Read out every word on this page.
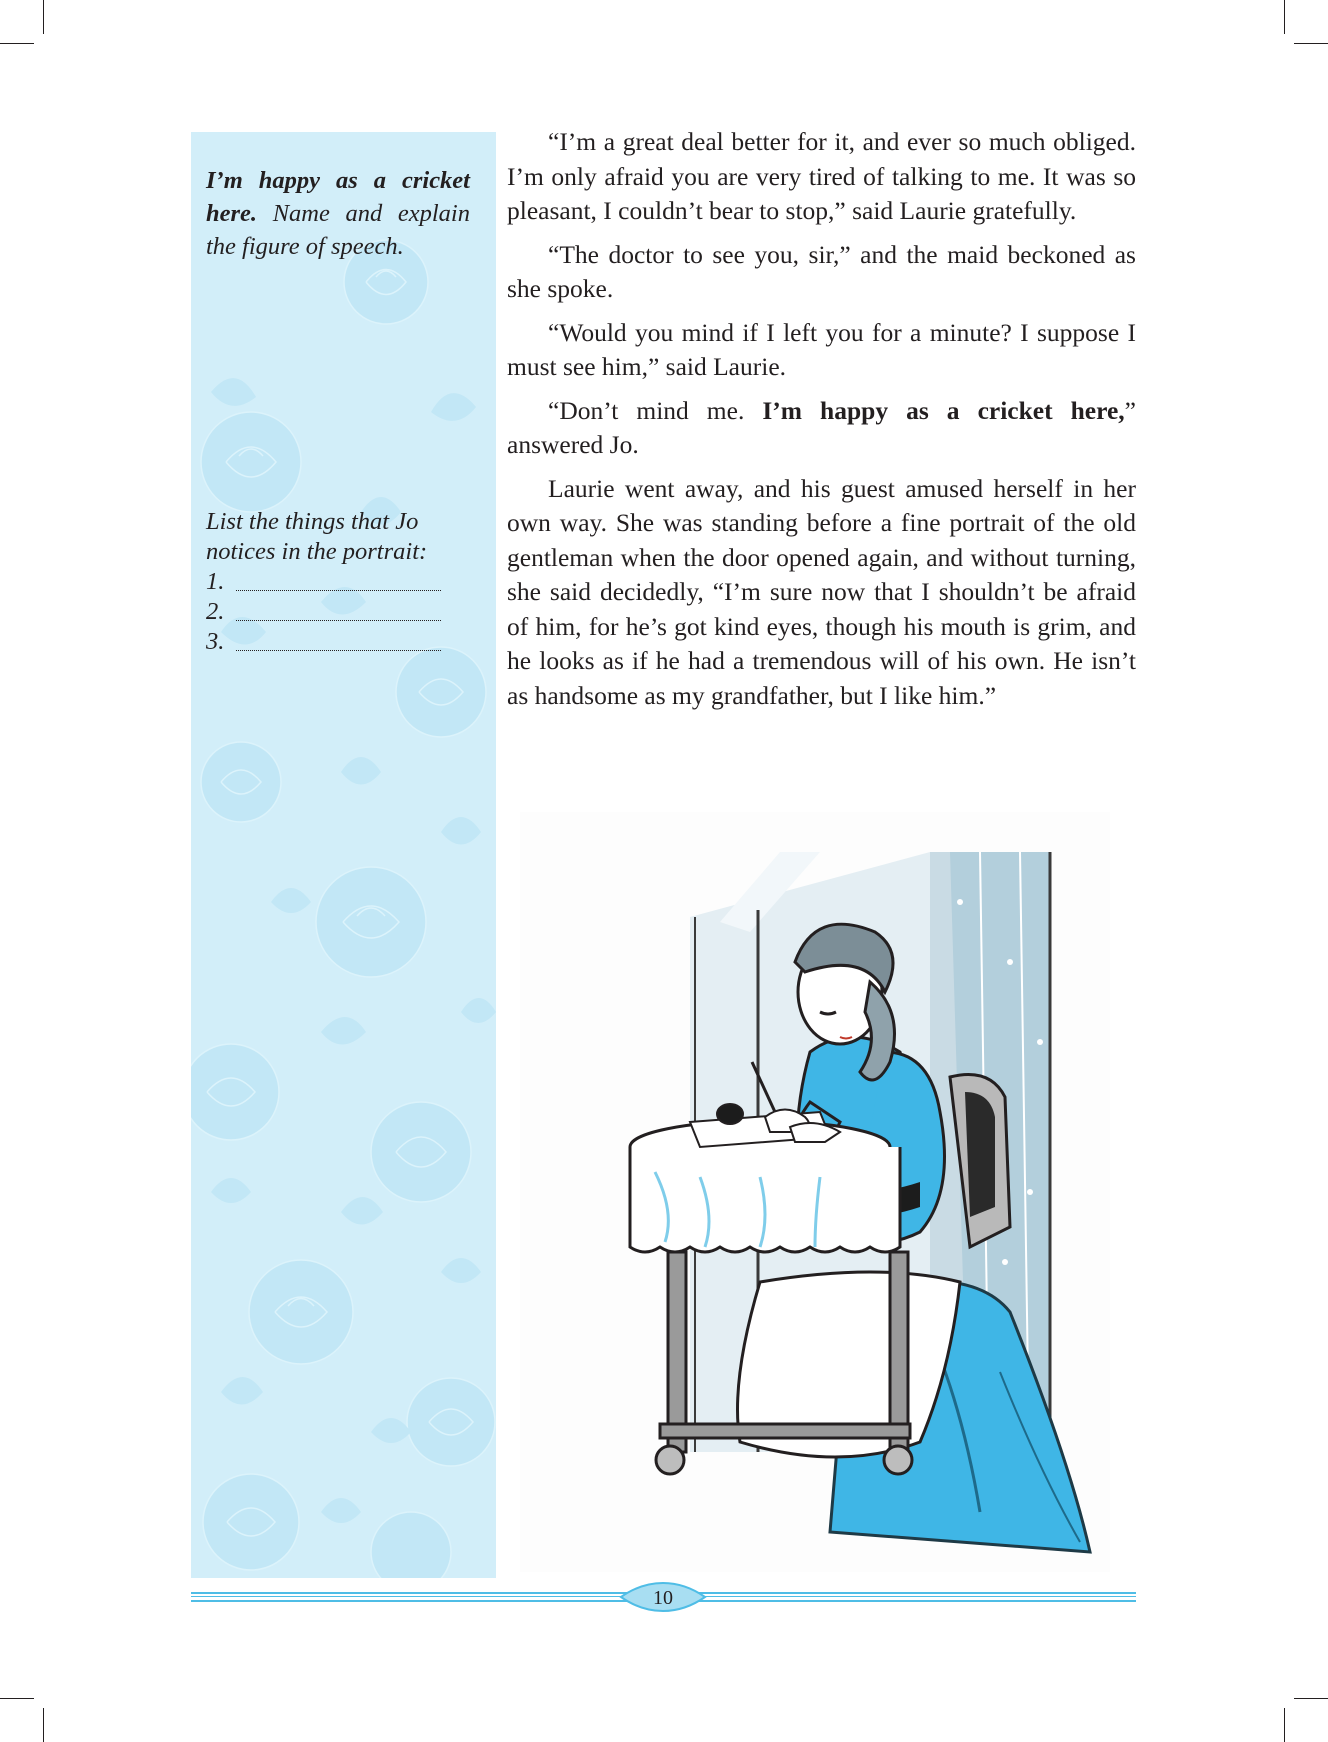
I’m happy as a cricket here. Name and explain the figure of speech.
List the things that Jo notices in the portrait:
1.
2.
3.

“I’m a great deal better for it, and ever so much obliged. I’m only afraid you are very tired of talking to me. It was so pleasant, I couldn’t bear to stop,” said Laurie gratefully.

“The doctor to see you, sir,” and the maid beckoned as she spoke.

“Would you mind if I left you for a minute? I suppose I must see him,” said Laurie.

“Don’t mind me. I’m happy as a cricket here,” answered Jo.

Laurie went away, and his guest amused herself in her own way. She was standing before a fine portrait of the old gentleman when the door opened again, and without turning, she said decidedly, “I’m sure now that I shouldn’t be afraid of him, for he’s got kind eyes, though his mouth is grim, and he looks as if he had a tremendous will of his own. He isn’t as handsome as my grandfather, but I like him.”

10
